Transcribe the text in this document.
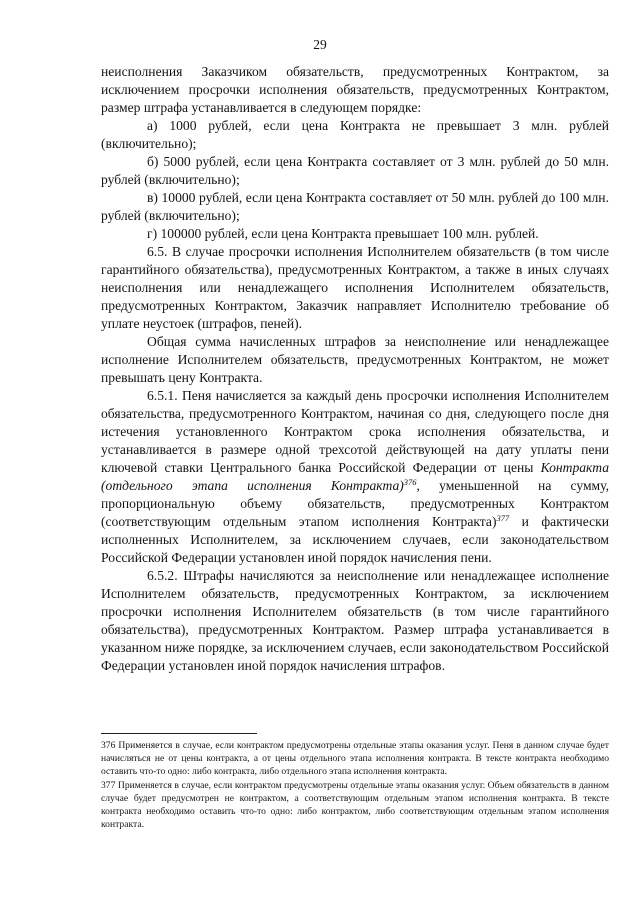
29

неисполнения Заказчиком обязательств, предусмотренных Контрактом, за исключением просрочки исполнения обязательств, предусмотренных Контрактом, размер штрафа устанавливается в следующем порядке:

а) 1000 рублей, если цена Контракта не превышает 3 млн. рублей (включительно);

б) 5000 рублей, если цена Контракта составляет от 3 млн. рублей до 50 млн. рублей (включительно);

в) 10000 рублей, если цена Контракта составляет от 50 млн. рублей до 100 млн. рублей (включительно);

г) 100000 рублей, если цена Контракта превышает 100 млн. рублей.

6.5. В случае просрочки исполнения Исполнителем обязательств (в том числе гарантийного обязательства), предусмотренных Контрактом, а также в иных случаях неисполнения или ненадлежащего исполнения Исполнителем обязательств, предусмотренных Контрактом, Заказчик направляет Исполнителю требование об уплате неустоек (штрафов, пеней).

Общая сумма начисленных штрафов за неисполнение или ненадлежащее исполнение Исполнителем обязательств, предусмотренных Контрактом, не может превышать цену Контракта.

6.5.1. Пеня начисляется за каждый день просрочки исполнения Исполнителем обязательства, предусмотренного Контрактом, начиная со дня, следующего после дня истечения установленного Контрактом срока исполнения обязательства, и устанавливается в размере одной трехсотой действующей на дату уплаты пени ключевой ставки Центрального банка Российской Федерации от цены Контракта (отдельного этапа исполнения Контракта)$^{376}$, уменьшенной на сумму, пропорциональную объему обязательств, предусмотренных Контрактом (соответствующим отдельным этапом исполнения Контракта)$^{377}$ и фактически исполненных Исполнителем, за исключением случаев, если законодательством Российской Федерации установлен иной порядок начисления пени.

6.5.2. Штрафы начисляются за неисполнение или ненадлежащее исполнение Исполнителем обязательств, предусмотренных Контрактом, за исключением просрочки исполнения Исполнителем обязательств (в том числе гарантийного обязательства), предусмотренных Контрактом. Размер штрафа устанавливается в указанном ниже порядке, за исключением случаев, если законодательством Российской Федерации установлен иной порядок начисления штрафов.

376 Применяется в случае, если контрактом предусмотрены отдельные этапы оказания услуг. Пеня в данном случае будет начисляться не от цены контракта, а от цены отдельного этапа исполнения контракта. В тексте контракта необходимо оставить что-то одно: либо контракта, либо отдельного этапа исполнения контракта.

377 Применяется в случае, если контрактом предусмотрены отдельные этапы оказания услуг. Объем обязательств в данном случае будет предусмотрен не контрактом, а соответствующим отдельным этапом исполнения контракта. В тексте контракта необходимо оставить что-то одно: либо контрактом, либо соответствующим отдельным этапом исполнения контракта.
